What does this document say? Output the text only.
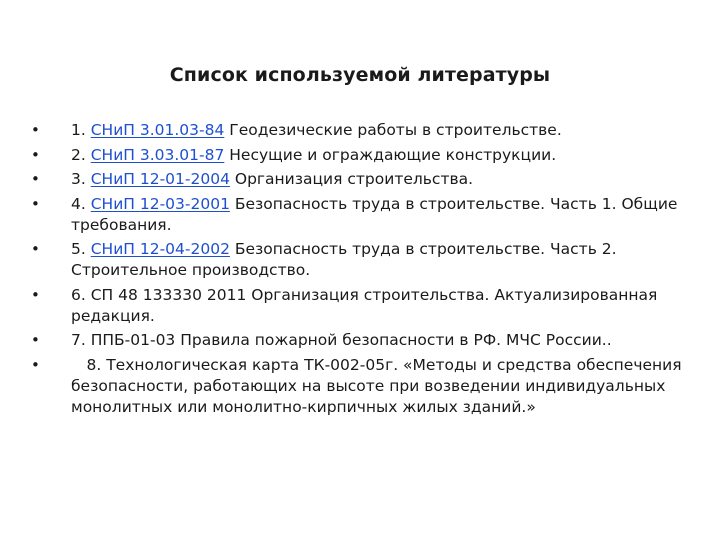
Список используемой литературы
• 1. СНиП 3.01.03-84 Геодезические работы в строительстве.
• 2. СНиП 3.03.01-87 Несущие и ограждающие конструкции.
• 3. СНиП 12-01-2004 Организация строительства.
• 4. СНиП 12-03-2001 Безопасность труда в строительстве. Часть 1. Общие требования.
• 5. СНиП 12-04-2002 Безопасность труда в строительстве. Часть 2. Строительное производство.
• 6. СП 48 133330 2011 Организация строительства. Актуализированная редакция.
• 7. ППБ-01-03 Правила пожарной безопасности в РФ. МЧС России..
•	8. Технологическая карта ТК-002-05г. «Методы и средства обеспечения безопасности, работающих на высоте при возведении индивидуальных монолитных или монолитно-кирпичных жилых зданий.»
